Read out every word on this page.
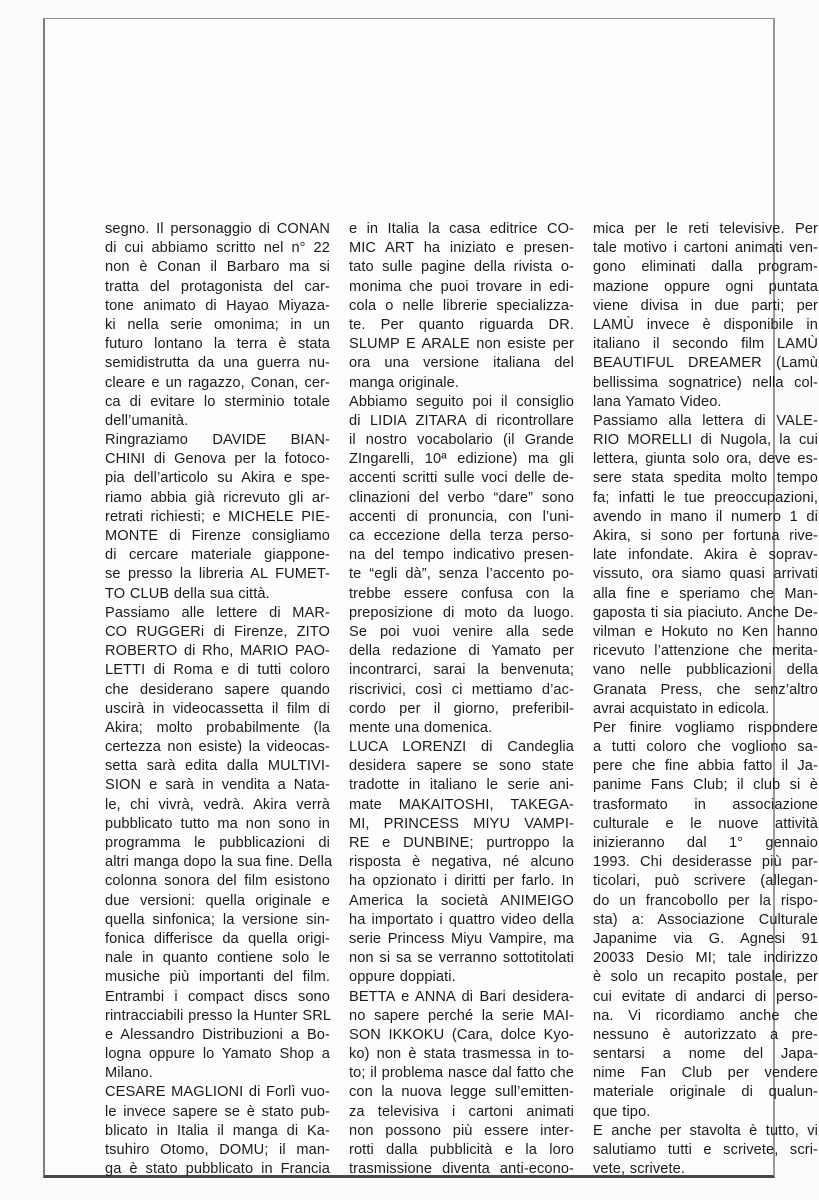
segno. Il personaggio di CONAN
di cui abbiamo scritto nel n° 22
non è Conan il Barbaro ma si
tratta del protagonista del car-
tone animato di Hayao Miyaza-
ki nella serie omonima; in un
futuro lontano la terra è stata
semidistrutta da una guerra nu-
cleare e un ragazzo, Conan, cer-
ca di evitare lo sterminio totale
dell’umanità.
Ringraziamo DAVIDE BIAN-
CHINI di Genova per la fotoco-
pia dell’articolo su Akira e spe-
riamo abbia già ricrevuto gli ar-
retrati richiesti; e MICHELE PIE-
MONTE di Firenze consigliamo
di cercare materiale giappone-
se presso la libreria AL FUMET-
TO CLUB della sua città.
Passiamo alle lettere di MAR-
CO RUGGERi di Firenze, ZITO
ROBERTO di Rho, MARIO PAO-
LETTI di Roma e di tutti coloro
che desiderano sapere quando
uscirà in videocassetta il film di
Akira; molto probabilmente (la
certezza non esiste) la videocas-
setta sarà edita dalla MULTIVI-
SION e sarà in vendita a Nata-
le, chi vivrà, vedrà. Akira verrà
pubblicato tutto ma non sono in
programma le pubblicazioni di
altri manga dopo la sua fine. Della
colonna sonora del film esistono
due versioni: quella originale e
quella sinfonica; la versione sin-
fonica differisce da quella origi-
nale in quanto contiene solo le
musiche più importanti del film.
Entrambi i compact discs sono
rintracciabili presso la Hunter SRL
e Alessandro Distribuzioni a Bo-
logna oppure lo Yamato Shop a
Milano.
CESARE MAGLIONI di Forlì vuo-
le invece sapere se è stato pub-
blicato in Italia il manga di Ka-
tsuhiro Otomo, DOMU; il man-
ga è stato pubblicato in Francia
e in Italia la casa editrice CO-
MIC ART ha iniziato e presen-
tato sulle pagine della rivista o-
monima che puoi trovare in edi-
cola o nelle librerie specializza-
te. Per quanto riguarda DR.
SLUMP E ARALE non esiste per
ora una versione italiana del
manga originale.
Abbiamo seguito poi il consiglio
di LIDIA ZITARA di ricontrollare
il nostro vocabolario (il Grande
ZIngarelli, 10ª edizione) ma gli
accenti scritti sulle voci delle de-
clinazioni del verbo “dare” sono
accenti di pronuncia, con l’uni-
ca eccezione della terza perso-
na del tempo indicativo presen-
te “egli dà”, senza l’accento po-
trebbe essere confusa con la
preposizione di moto da luogo.
Se poi vuoi venire alla sede
della redazione di Yamato per
incontrarci, sarai la benvenuta;
riscrivici, così ci mettiamo d’ac-
cordo per il giorno, preferibil-
mente una domenica.
LUCA LORENZI di Candeglia
desidera sapere se sono state
tradotte in italiano le serie ani-
mate MAKAITOSHI, TAKEGA-
MI, PRINCESS MIYU VAMPI-
RE e DUNBINE; purtroppo la
risposta è negativa, né alcuno
ha opzionato i diritti per farlo. In
America la società ANIMEIGO
ha importato i quattro video della
serie Princess Miyu Vampire, ma
non si sa se verranno sottotitolati
oppure doppiati.
BETTA e ANNA di Bari desidera-
no sapere perché la serie MAI-
SON IKKOKU (Cara, dolce Kyo-
ko) non è stata trasmessa in to-
to; il problema nasce dal fatto che
con la nuova legge sull’emitten-
za televisiva i cartoni animati
non possono più essere inter-
rotti dalla pubblicità e la loro
trasmissione diventa anti-econo-
mica per le reti televisive. Per
tale motivo i cartoni animati ven-
gono eliminati dalla program-
mazione oppure ogni puntata
viene divisa in due parti; per
LAMÙ invece è disponibile in
italiano il secondo film LAMÙ
BEAUTIFUL DREAMER (Lamù
bellissima sognatrice) nella col-
lana Yamato Video.
Passiamo alla lettera di VALE-
RIO MORELLI di Nugola, la cui
lettera, giunta solo ora, deve es-
sere stata spedita molto tempo
fa; infatti le tue preoccupazioni,
avendo in mano il numero 1 di
Akira, si sono per fortuna rive-
late infondate. Akira è soprav-
vissuto, ora siamo quasi arrivati
alla fine e speriamo che Man-
gaposta ti sia piaciuto. Anche De-
vilman e Hokuto no Ken hanno
ricevuto l’attenzione che merita-
vano nelle pubblicazioni della
Granata Press, che senz’altro
avrai acquistato in edicola.
Per finire vogliamo rispondere
a tutti coloro che vogliono sa-
pere che fine abbia fatto il Ja-
panime Fans Club; il club si è
trasformato in associazione
culturale e le nuove attività
inizieranno dal 1° gennaio
1993. Chi desiderasse più par-
ticolari, può scrivere (allegan-
do un francobollo per la rispo-
sta) a: Associazione Culturale
Japanime via G. Agnesi 91
20033 Desio MI; tale indirizzo
è solo un recapito postale, per
cui evitate di andarci di perso-
na. Vi ricordiamo anche che
nessuno è autorizzato a pre-
sentarsi a nome del Japa-
nime Fan Club per vendere
materiale originale di qualun-
que tipo.
E anche per stavolta è tutto, vi
salutiamo tutti e scrivete, scri-
vete, scrivete.
